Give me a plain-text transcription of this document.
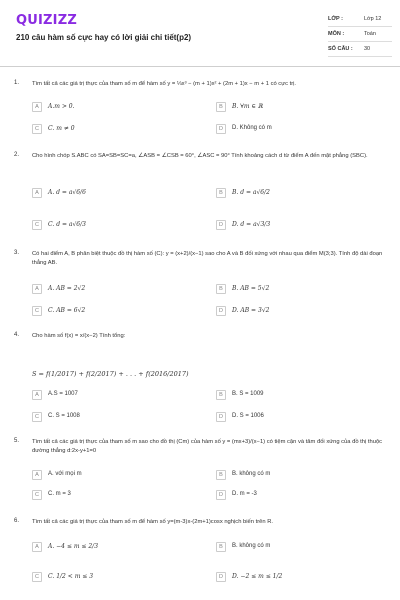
QUIZIZZ
210 câu hàm số cực hay có lời giải chi tiết(p2)
LỚP :	Lớp 12
MÔN :	Toán
SỐ CÂU : 30
1. Tìm tất cả các giá trị thực của tham số m để hàm số y = ⅓x³ − (m + 1)x² + (2m + 1)x − m + 1 có cực trị.
A	A.m > 0.	B	B. ∀m ∈ ℝ
C	C. m ≠ 0	D	D. Không có m
2. Cho hình chóp S.ABC có SA=SB=SC=a, ∠ASB = ∠CSB = 60°, ∠ASC = 90° Tính khoảng cách d từ điểm A đến mặt phẳng (SBC).
A	A. d = a√6/6	B	B. d = a√6/2
C	C. d = a√6/3	D	D. d = a√3/3
3. Có hai điểm A, B phân biệt thuộc đồ thị hàm số (C): y = (x+2)/(x−1) sao cho A và B đối xứng với nhau qua điểm M(3;3). Tính độ dài đoạn thẳng AB.
A	A. AB = 2√2	B	B. AB = 5√2
C	C. AB = 6√2	D	D. AB = 3√2
4. Cho hàm số f(x) = x/(x−2) Tính tổng:
S = f(1/2017) + f(2/2017) + . . . + f(2016/2017)
A	A.S = 1007	B	B. S = 1009
C	C. S = 1008	D	D. S = 1006
5. Tìm tất cả các giá trị thực của tham số m sao cho đồ thị (Cm) của hàm số y = (mx+3)/(x−1) có tiệm cận và tâm đối xứng của đồ thị thuộc đường thẳng d:2x-y+1=0
A	A. với mọi m	B	B. không có m
C	C. m = 3	D	D. m = -3
6. Tìm tất cả các giá trị thực của tham số m để hàm số y=(m-3)x-(2m+1)cosx nghịch biến trên R.
A	A. −4 ≤ m ≤ 2/3	B	B. không có m
C	C. 1/2 < m ≤ 3	D	D. −2 ≤ m ≤ 1/2
